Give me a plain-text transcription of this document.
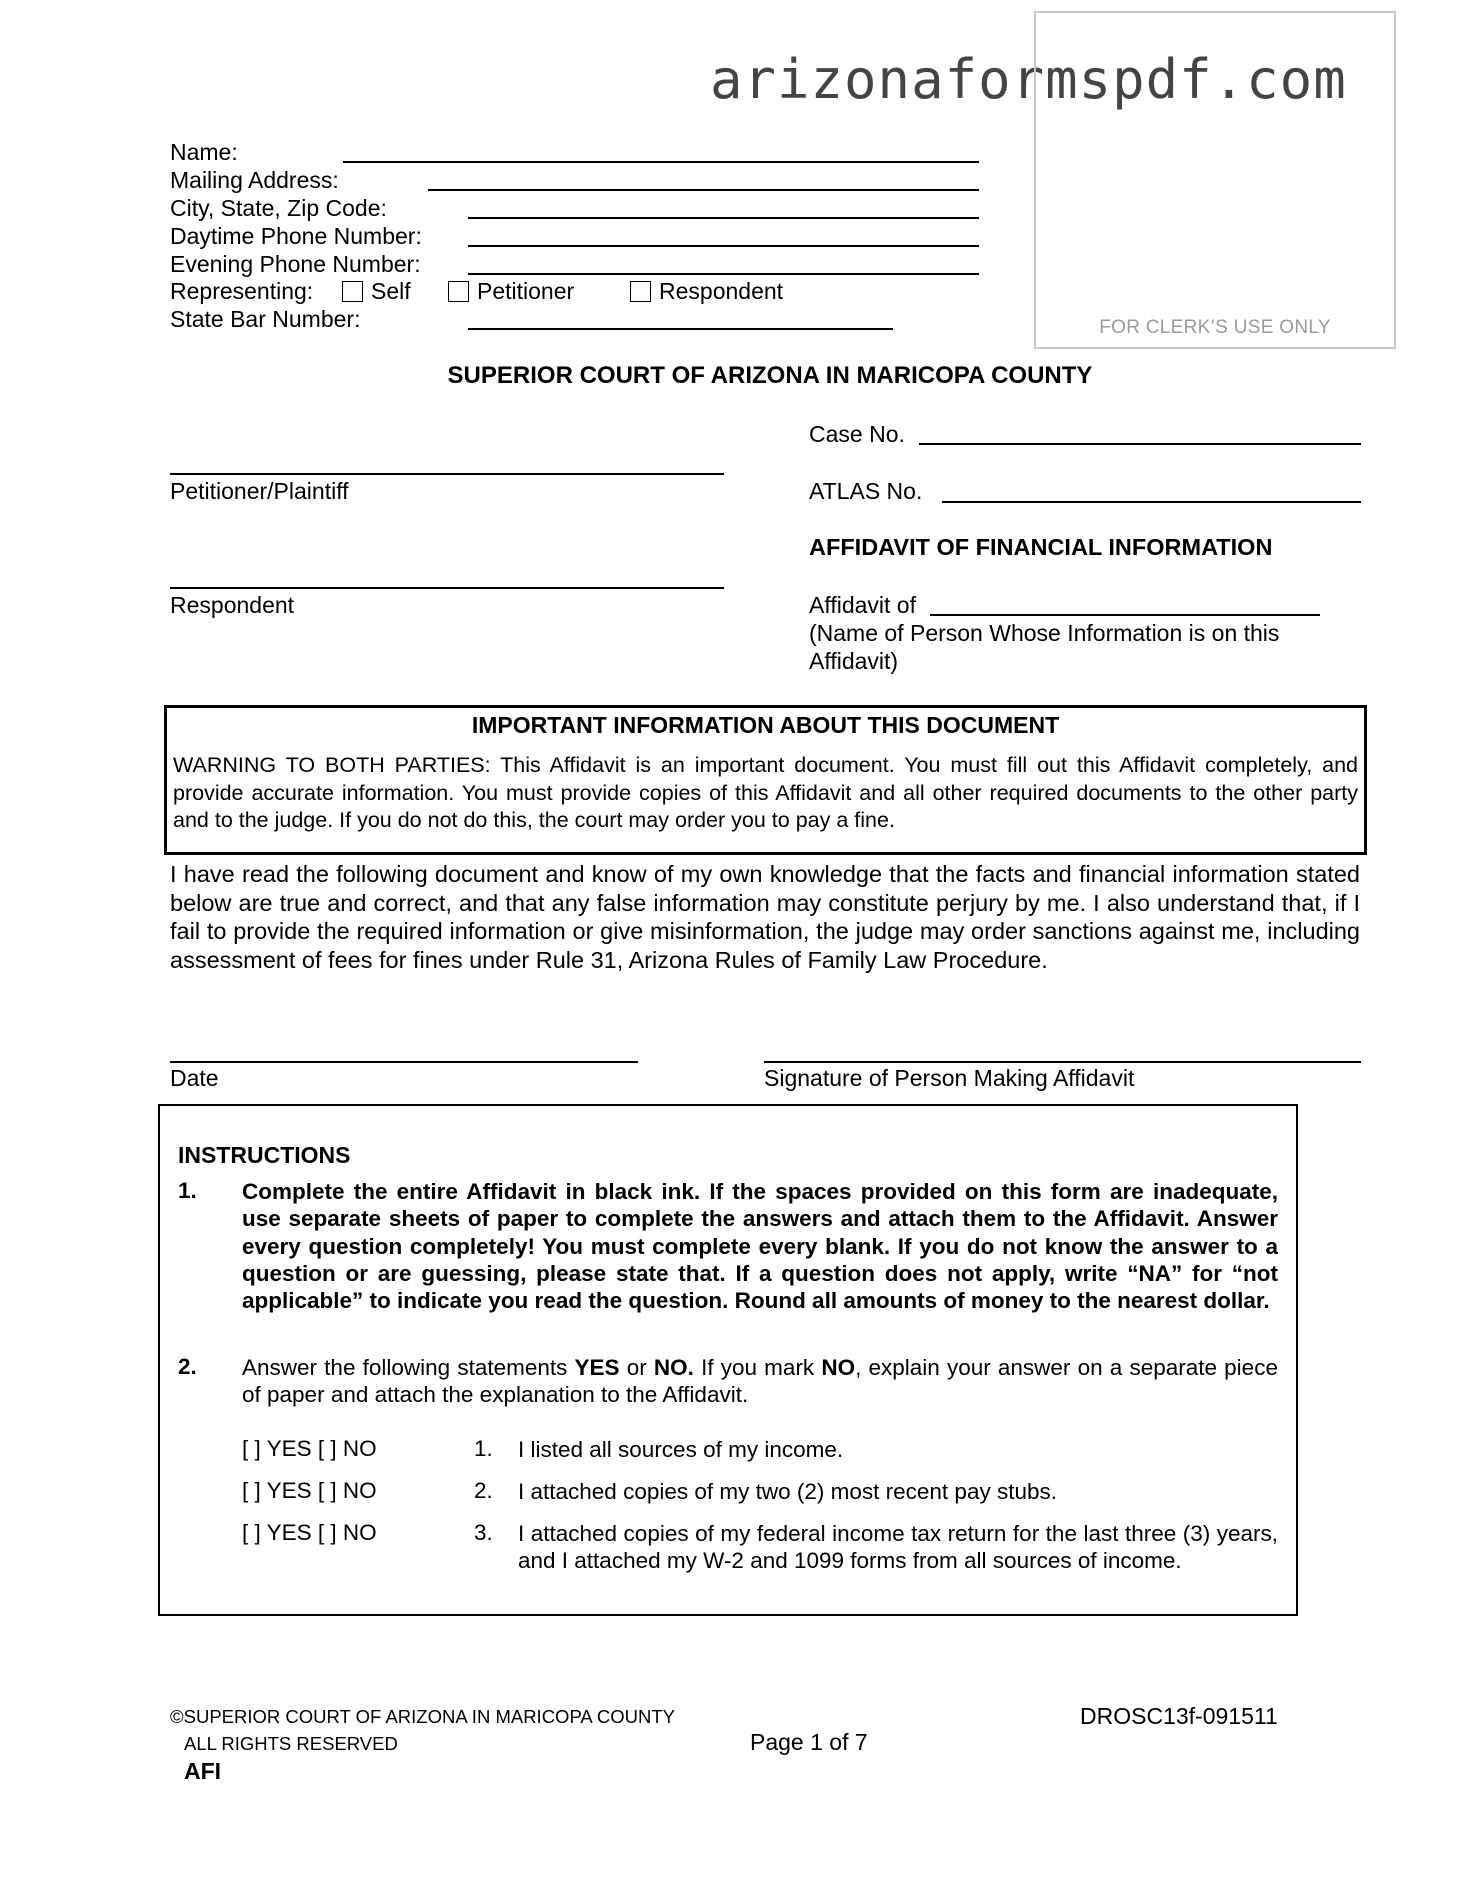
arizonaformspdf.com
FOR CLERK’S USE ONLY
Name:
Mailing Address:
City, State, Zip Code:
Daytime Phone Number:
Evening Phone Number:
Representing:	Self	Petitioner	Respondent
State Bar Number:
SUPERIOR COURT OF ARIZONA IN MARICOPA COUNTY
Petitioner/Plaintiff
Respondent
Case No.
ATLAS No.
AFFIDAVIT OF FINANCIAL INFORMATION
Affidavit of
(Name of Person Whose Information is on this
Affidavit)
IMPORTANT INFORMATION ABOUT THIS DOCUMENT
WARNING TO BOTH PARTIES: This Affidavit is an important document. You must fill out this Affidavit completely, and provide accurate information. You must provide copies of this Affidavit and all other required documents to the other party and to the judge. If you do not do this, the court may order you to pay a fine.
I have read the following document and know of my own knowledge that the facts and financial information stated below are true and correct, and that any false information may constitute perjury by me. I also understand that, if I fail to provide the required information or give misinformation, the judge may order sanctions against me, including assessment of fees for fines under Rule 31, Arizona Rules of Family Law Procedure.
Date	Signature of Person Making Affidavit
INSTRUCTIONS
1. Complete the entire Affidavit in black ink. If the spaces provided on this form are inadequate, use separate sheets of paper to complete the answers and attach them to the Affidavit. Answer every question completely! You must complete every blank. If you do not know the answer to a question or are guessing, please state that. If a question does not apply, write “NA” for “not applicable” to indicate you read the question. Round all amounts of money to the nearest dollar.
2. Answer the following statements YES or NO. If you mark NO, explain your answer on a separate piece of paper and attach the explanation to the Affidavit.
[ ] YES [ ] NO	1. I listed all sources of my income.
[ ] YES [ ] NO	2. I attached copies of my two (2) most recent pay stubs.
[ ] YES [ ] NO	3. I attached copies of my federal income tax return for the last three (3) years, and I attached my W-2 and 1099 forms from all sources of income.
©SUPERIOR COURT OF ARIZONA IN MARICOPA COUNTY
ALL RIGHTS RESERVED
AFI
Page 1 of 7
DROSC13f-091511
